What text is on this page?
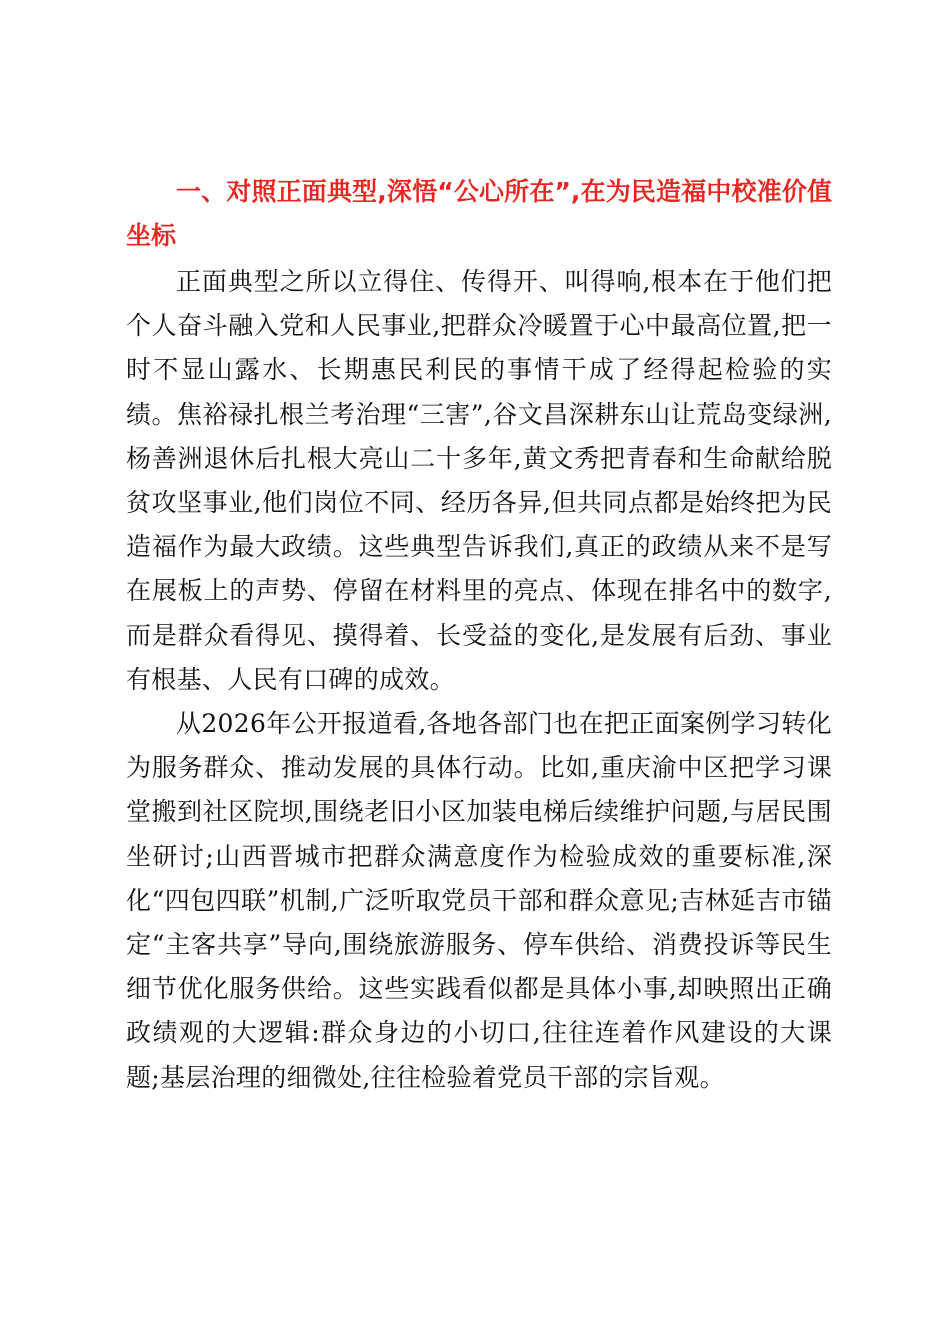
一、对照正面典型,深悟“公心所在”,在为民造福中校准价值坐标

正面典型之所以立得住、传得开、叫得响,根本在于他们把个人奋斗融入党和人民事业,把群众冷暖置于心中最高位置,把一时不显山露水、长期惠民利民的事情干成了经得起检验的实绩。焦裕禄扎根兰考治理“三害”,谷文昌深耕东山让荒岛变绿洲,杨善洲退休后扎根大亮山二十多年,黄文秀把青春和生命献给脱贫攻坚事业,他们岗位不同、经历各异,但共同点都是始终把为民造福作为最大政绩。这些典型告诉我们,真正的政绩从来不是写在展板上的声势、停留在材料里的亮点、体现在排名中的数字,而是群众看得见、摸得着、长受益的变化,是发展有后劲、事业有根基、人民有口碑的成效。

从2026年公开报道看,各地各部门也在把正面案例学习转化为服务群众、推动发展的具体行动。比如,重庆渝中区把学习课堂搬到社区院坝,围绕老旧小区加装电梯后续维护问题,与居民围坐研讨;山西晋城市把群众满意度作为检验成效的重要标准,深化“四包四联”机制,广泛听取党员干部和群众意见;吉林延吉市锚定“主客共享”导向,围绕旅游服务、停车供给、消费投诉等民生细节优化服务供给。这些实践看似都是具体小事,却映照出正确政绩观的大逻辑:群众身边的小切口,往往连着作风建设的大课题;基层治理的细微处,往往检验着党员干部的宗旨观。
